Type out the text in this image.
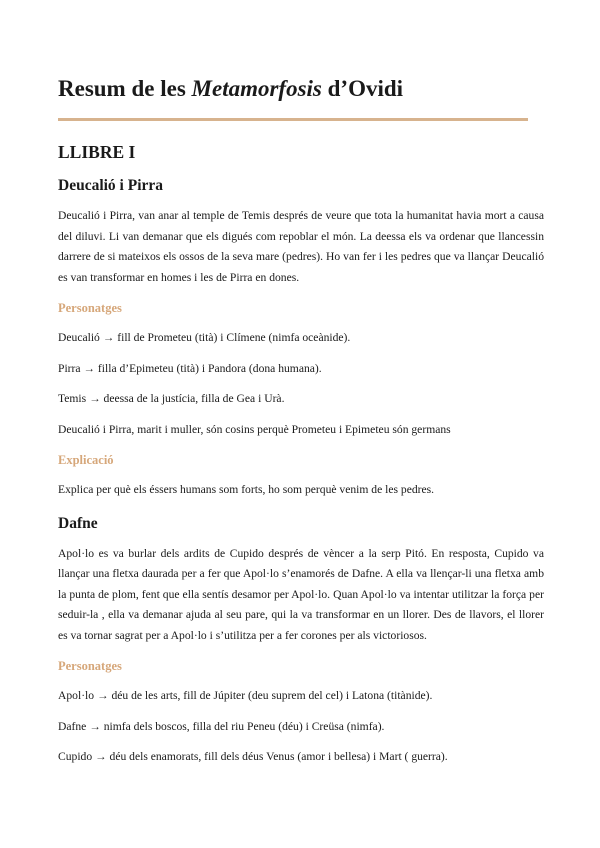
Resum de les Metamorfosis d’Ovidi
LLIBRE I
Deucalió i Pirra

Deucalió i Pirra, van anar al temple de Temis després de veure que tota la humanitat havia mort a causa del diluvi. Li van demanar que els digués com repoblar el món. La deessa els va ordenar que llancessin darrere de si mateixos els ossos de la seva mare (pedres). Ho van fer i les pedres que va llançar Deucalió es van transformar en homes i les de Pirra en dones.

Personatges

Deucalió → fill de Prometeu (tità) i Clímene (nimfa oceànide).

Pirra → filla d’Epimeteu (tità) i Pandora (dona humana).

Temis → deessa de la justícia, filla de Gea i Urà.

Deucalió i Pirra, marit i muller, són cosins perquè Prometeu i Epimeteu són germans

Explicació

Explica per què els éssers humans som forts, ho som perquè venim de les pedres.

Dafne

Apol·lo es va burlar dels ardits de Cupido després de vèncer a la serp Pitó. En resposta, Cupido va llançar una fletxa daurada per a fer que Apol·lo s’enamorés de Dafne. A ella va llençar-li una fletxa amb la punta de plom, fent que ella sentís desamor per Apol·lo. Quan Apol·lo va intentar utilitzar la força per seduir-la , ella va demanar ajuda al seu pare, qui la va transformar en un llorer. Des de llavors, el llorer es va tornar sagrat per a Apol·lo i s’utilitza per a fer corones per als victoriosos.

Personatges

Apol·lo → déu de les arts, fill de Júpiter (deu suprem del cel) i Latona (titànide).

Dafne → nimfa dels boscos, filla del riu Peneu (déu) i Creüsa (nimfa).

Cupido → déu dels enamorats, fill dels déus Venus (amor i bellesa) i Mart ( guerra).
